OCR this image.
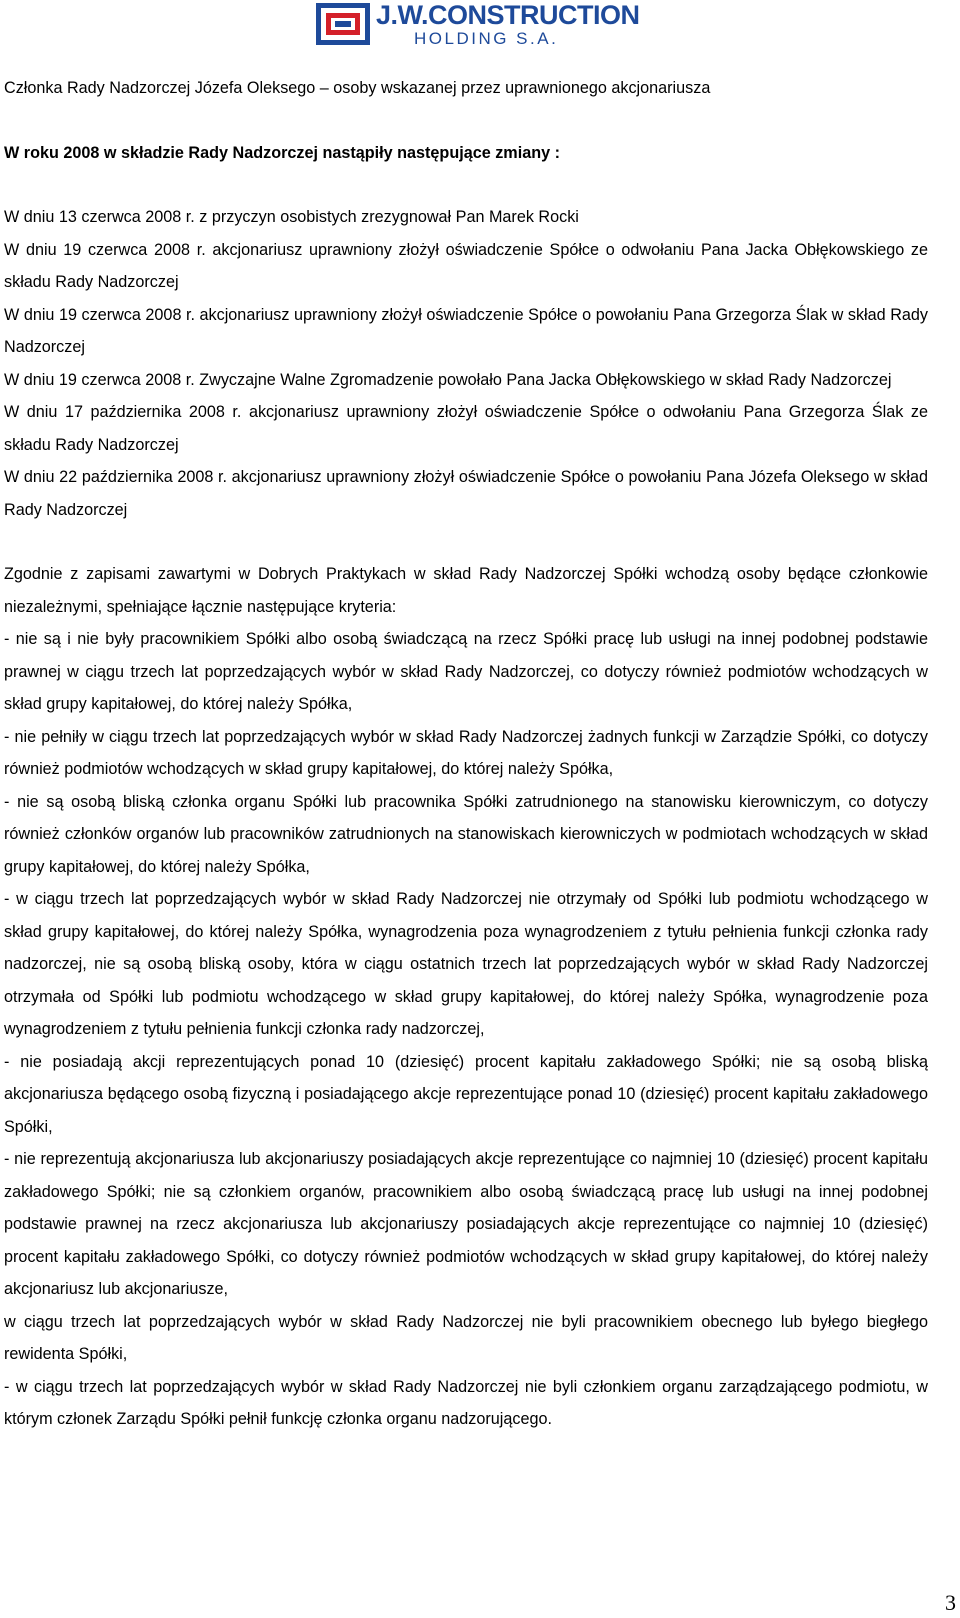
J.W.CONSTRUCTION
HOLDING S.A.

Członka Rady Nadzorczej Józefa Oleksego – osoby wskazanej przez uprawnionego akcjonariusza

W roku 2008 w składzie Rady Nadzorczej nastąpiły następujące zmiany :

W dniu 13 czerwca 2008 r. z przyczyn osobistych zrezygnował Pan Marek Rocki

W dniu 19 czerwca 2008 r. akcjonariusz uprawniony złożył oświadczenie Spółce o odwołaniu Pana Jacka Obłękowskiego ze składu Rady Nadzorczej

W dniu 19 czerwca 2008 r. akcjonariusz uprawniony złożył oświadczenie Spółce o powołaniu Pana Grzegorza Ślak w skład Rady Nadzorczej

W dniu 19 czerwca 2008 r. Zwyczajne Walne Zgromadzenie powołało Pana Jacka Obłękowskiego w skład Rady Nadzorczej

W dniu 17 października 2008 r. akcjonariusz uprawniony złożył oświadczenie Spółce o odwołaniu Pana Grzegorza Ślak ze składu Rady Nadzorczej

W dniu 22 października 2008 r. akcjonariusz uprawniony złożył oświadczenie Spółce o powołaniu Pana Józefa Oleksego w skład Rady Nadzorczej

Zgodnie z zapisami zawartymi w Dobrych Praktykach w skład Rady Nadzorczej Spółki wchodzą osoby będące członkowie niezależnymi, spełniające łącznie następujące kryteria:

- nie są i nie były pracownikiem Spółki albo osobą świadczącą na rzecz Spółki pracę lub usługi na innej podobnej podstawie prawnej w ciągu trzech lat poprzedzających wybór w skład Rady Nadzorczej, co dotyczy również podmiotów wchodzących w skład grupy kapitałowej, do której należy Spółka,

- nie pełniły w ciągu trzech lat poprzedzających wybór w skład Rady Nadzorczej żadnych funkcji w Zarządzie Spółki, co dotyczy również podmiotów wchodzących w skład grupy kapitałowej, do której należy Spółka,

- nie są osobą bliską członka organu Spółki lub pracownika Spółki zatrudnionego na stanowisku kierowniczym, co dotyczy również członków organów lub pracowników zatrudnionych na stanowiskach kierowniczych w podmiotach wchodzących w skład grupy kapitałowej, do której należy Spółka,

- w ciągu trzech lat poprzedzających wybór w skład Rady Nadzorczej nie otrzymały od Spółki lub podmiotu wchodzącego w skład grupy kapitałowej, do której należy Spółka, wynagrodzenia poza wynagrodzeniem z tytułu pełnienia funkcji członka rady nadzorczej, nie są osobą bliską osoby, która w ciągu ostatnich trzech lat poprzedzających wybór w skład Rady Nadzorczej otrzymała od Spółki lub podmiotu wchodzącego w skład grupy kapitałowej, do której należy Spółka, wynagrodzenie poza wynagrodzeniem z tytułu pełnienia funkcji członka rady nadzorczej,

- nie posiadają akcji reprezentujących ponad 10 (dziesięć) procent kapitału zakładowego Spółki; nie są osobą bliską akcjonariusza będącego osobą fizyczną i posiadającego akcje reprezentujące ponad 10 (dziesięć) procent kapitału zakładowego Spółki,

- nie reprezentują akcjonariusza lub akcjonariuszy posiadających akcje reprezentujące co najmniej 10 (dziesięć) procent kapitału zakładowego Spółki; nie są członkiem organów, pracownikiem albo osobą świadczącą pracę lub usługi na innej podobnej podstawie prawnej na rzecz akcjonariusza lub akcjonariuszy posiadających akcje reprezentujące co najmniej 10 (dziesięć) procent kapitału zakładowego Spółki, co dotyczy również podmiotów wchodzących w skład grupy kapitałowej, do której należy akcjonariusz lub akcjonariusze,

w ciągu trzech lat poprzedzających wybór w skład Rady Nadzorczej nie byli pracownikiem obecnego lub byłego biegłego rewidenta Spółki,

- w ciągu trzech lat poprzedzających wybór w skład Rady Nadzorczej nie byli członkiem organu zarządzającego podmiotu, w którym członek Zarządu Spółki pełnił funkcję członka organu nadzorującego.

3
